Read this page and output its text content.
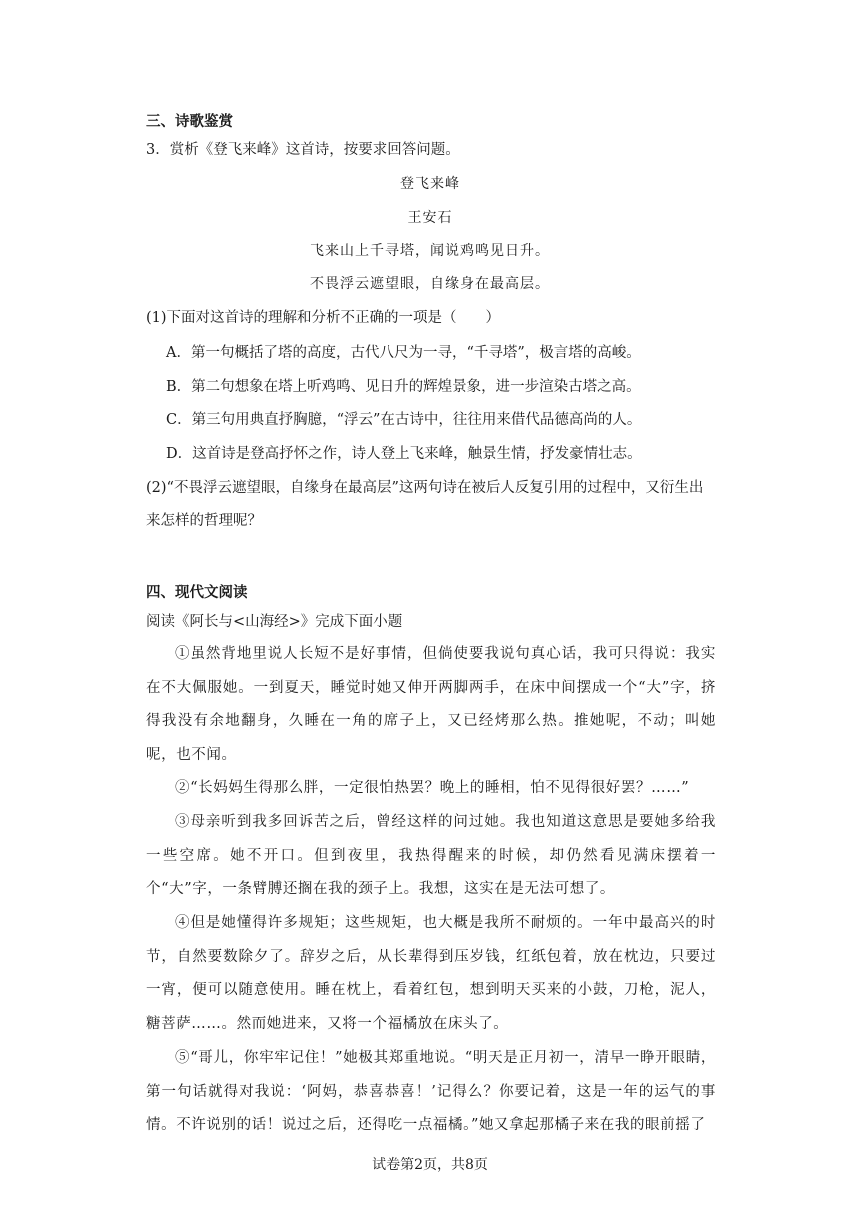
三、诗歌鉴赏
3．赏析《登飞来峰》这首诗，按要求回答问题。
登飞来峰
王安石
飞来山上千寻塔，闻说鸡鸣见日升。
不畏浮云遮望眼，自缘身在最高层。
(1)下面对这首诗的理解和分析不正确的一项是（　　）
A．第一句概括了塔的高度，古代八尺为一寻，“千寻塔”，极言塔的高峻。
B．第二句想象在塔上听鸡鸣、见日升的辉煌景象，进一步渲染古塔之高。
C．第三句用典直抒胸臆，“浮云”在古诗中，往往用来借代品德高尚的人。
D．这首诗是登高抒怀之作，诗人登上飞来峰，触景生情，抒发豪情壮志。
(2)“不畏浮云遮望眼，自缘身在最高层”这两句诗在被后人反复引用的过程中，又衍生出
来怎样的哲理呢？
四、现代文阅读
阅读《阿长与<山海经>》完成下面小题
①虽然背地里说人长短不是好事情，但倘使要我说句真心话，我可只得说：我实在不大佩服她。一到夏天，睡觉时她又伸开两脚两手，在床中间摆成一个“大”字，挤得我没有余地翻身，久睡在一角的席子上，又已经烤那么热。推她呢，不动；叫她呢，也不闻。
②“长妈妈生得那么胖，一定很怕热罢？晚上的睡相，怕不见得很好罢？……”
③母亲听到我多回诉苦之后，曾经这样的问过她。我也知道这意思是要她多给我一些空席。她不开口。但到夜里，我热得醒来的时候，却仍然看见满床摆着一个“大”字，一条臂膊还搁在我的颈子上。我想，这实在是无法可想了。
④但是她懂得许多规矩；这些规矩，也大概是我所不耐烦的。一年中最高兴的时节，自然要数除夕了。辞岁之后，从长辈得到压岁钱，红纸包着，放在枕边，只要过一宵，便可以随意使用。睡在枕上，看着红包，想到明天买来的小鼓，刀枪，泥人，糖菩萨……。然而她进来，又将一个福橘放在床头了。
⑤“哥儿，你牢牢记住！”她极其郑重地说。“明天是正月初一，清早一睁开眼睛，第一句话就得对我说：‘阿妈，恭喜恭喜！’记得么？你要记着，这是一年的运气的事情。不许说别的话！说过之后，还得吃一点福橘。”她又拿起那橘子来在我的眼前摇了
试卷第2页，共8页
